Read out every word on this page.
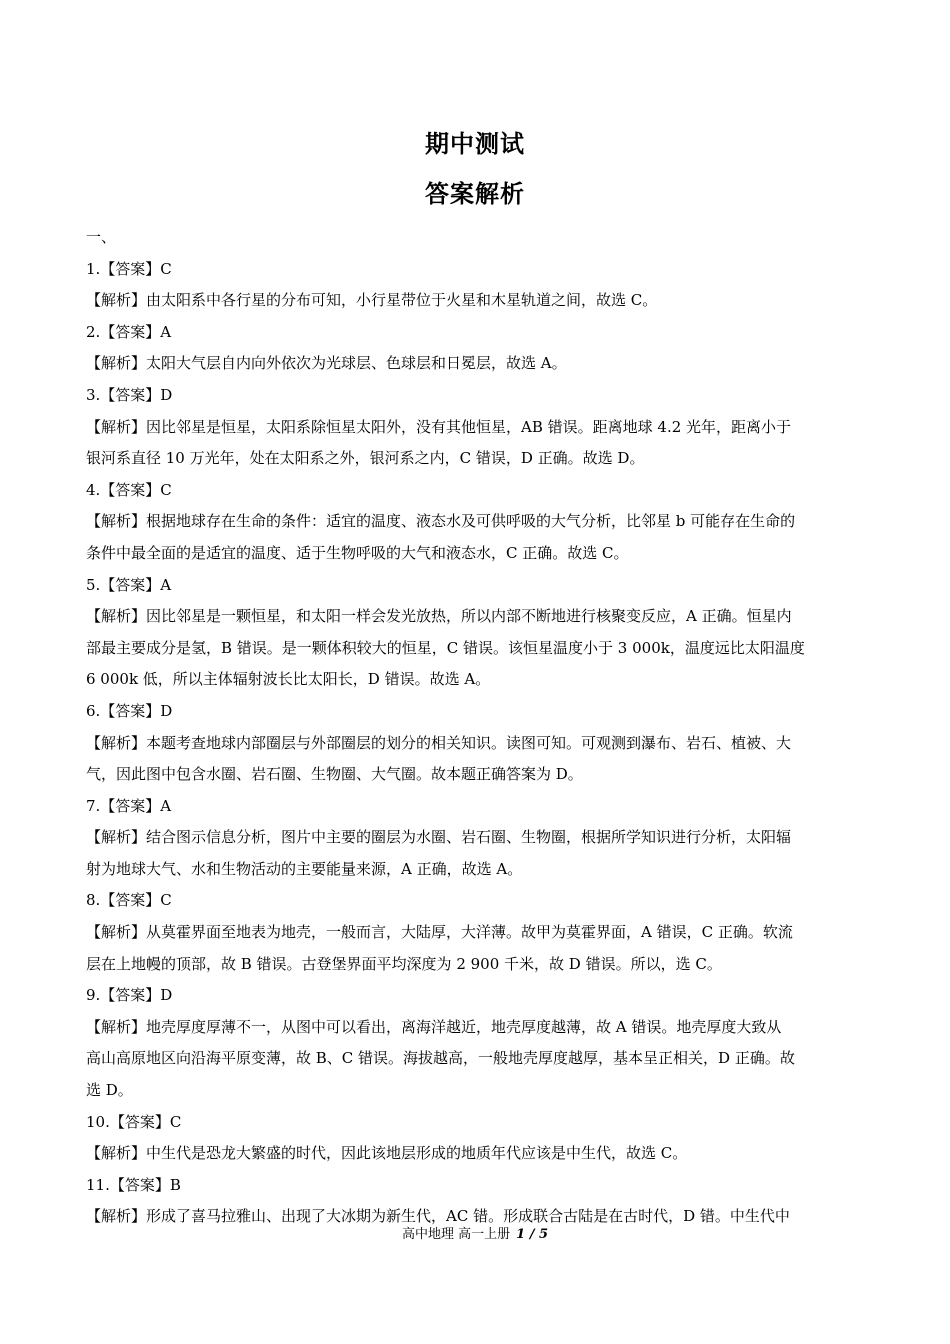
期中测试
答案解析
一、
1.【答案】C
【解析】由太阳系中各行星的分布可知，小行星带位于火星和木星轨道之间，故选 C。
2.【答案】A
【解析】太阳大气层自内向外依次为光球层、色球层和日冕层，故选 A。
3.【答案】D
【解析】因比邻星是恒星，太阳系除恒星太阳外，没有其他恒星，AB 错误。距离地球 4.2 光年，距离小于
银河系直径 10 万光年，处在太阳系之外，银河系之内，C 错误，D 正确。故选 D。
4.【答案】C
【解析】根据地球存在生命的条件：适宜的温度、液态水及可供呼吸的大气分析，比邻星 b 可能存在生命的
条件中最全面的是适宜的温度、适于生物呼吸的大气和液态水，C 正确。故选 C。
5.【答案】A
【解析】因比邻星是一颗恒星，和太阳一样会发光放热，所以内部不断地进行核聚变反应，A 正确。恒星内
部最主要成分是氢，B 错误。是一颗体积较大的恒星，C 错误。该恒星温度小于 3 000k，温度远比太阳温度
6 000k 低，所以主体辐射波长比太阳长，D 错误。故选 A。
6.【答案】D
【解析】本题考查地球内部圈层与外部圈层的划分的相关知识。读图可知。可观测到瀑布、岩石、植被、大
气，因此图中包含水圈、岩石圈、生物圈、大气圈。故本题正确答案为 D。
7.【答案】A
【解析】结合图示信息分析，图片中主要的圈层为水圈、岩石圈、生物圈，根据所学知识进行分析，太阳辐
射为地球大气、水和生物活动的主要能量来源，A 正确，故选 A。
8.【答案】C
【解析】从莫霍界面至地表为地壳，一般而言，大陆厚，大洋薄。故甲为莫霍界面，A 错误，C 正确。软流
层在上地幔的顶部，故 B 错误。古登堡界面平均深度为 2 900 千米，故 D 错误。所以，选 C。
9.【答案】D
【解析】地壳厚度厚薄不一，从图中可以看出，离海洋越近，地壳厚度越薄，故 A 错误。地壳厚度大致从
高山高原地区向沿海平原变薄，故 B、C 错误。海拔越高，一般地壳厚度越厚，基本呈正相关，D 正确。故
选 D。
10.【答案】C
【解析】中生代是恐龙大繁盛的时代，因此该地层形成的地质年代应该是中生代，故选 C。
11.【答案】B
【解析】形成了喜马拉雅山、出现了大冰期为新生代，AC 错。形成联合古陆是在古时代，D 错。中生代中
高中地理 高一上册 1 / 5
